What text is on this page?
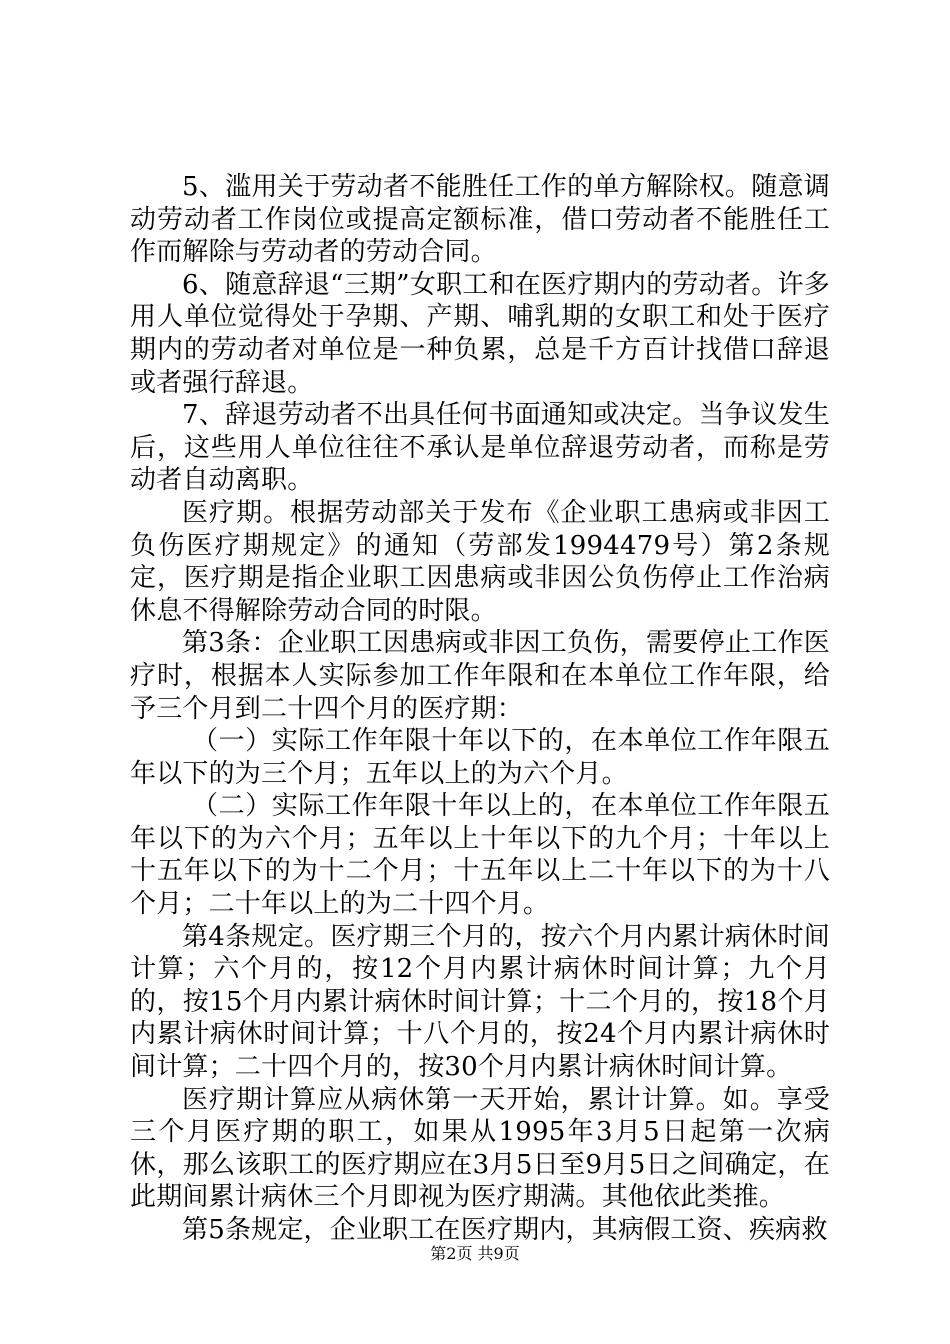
5、滥用关于劳动者不能胜任工作的单方解除权。随意调动劳动者工作岗位或提高定额标准，借口劳动者不能胜任工作而解除与劳动者的劳动合同。

6、随意辞退“三期”女职工和在医疗期内的劳动者。许多用人单位觉得处于孕期、产期、哺乳期的女职工和处于医疗期内的劳动者对单位是一种负累，总是千方百计找借口辞退或者强行辞退。

7、辞退劳动者不出具任何书面通知或决定。当争议发生后，这些用人单位往往不承认是单位辞退劳动者，而称是劳动者自动离职。

医疗期。根据劳动部关于发布《企业职工患病或非因工负伤医疗期规定》的通知（劳部发1994479号）第2条规定，医疗期是指企业职工因患病或非因公负伤停止工作治病休息不得解除劳动合同的时限。

第3条：企业职工因患病或非因工负伤，需要停止工作医疗时，根据本人实际参加工作年限和在本单位工作年限，给予三个月到二十四个月的医疗期：

（一）实际工作年限十年以下的，在本单位工作年限五年以下的为三个月；五年以上的为六个月。

（二）实际工作年限十年以上的，在本单位工作年限五年以下的为六个月；五年以上十年以下的九个月；十年以上十五年以下的为十二个月；十五年以上二十年以下的为十八个月；二十年以上的为二十四个月。

第4条规定。医疗期三个月的，按六个月内累计病休时间计算；六个月的，按12个月内累计病休时间计算；九个月的，按15个月内累计病休时间计算；十二个月的，按18个月内累计病休时间计算；十八个月的，按24个月内累计病休时间计算；二十四个月的，按30个月内累计病休时间计算。

医疗期计算应从病休第一天开始，累计计算。如。享受三个月医疗期的职工，如果从1995年3月5日起第一次病休，那么该职工的医疗期应在3月5日至9月5日之间确定，在此期间累计病休三个月即视为医疗期满。其他依此类推。

第5条规定，企业职工在医疗期内，其病假工资、疾病救

第2页 共9页
